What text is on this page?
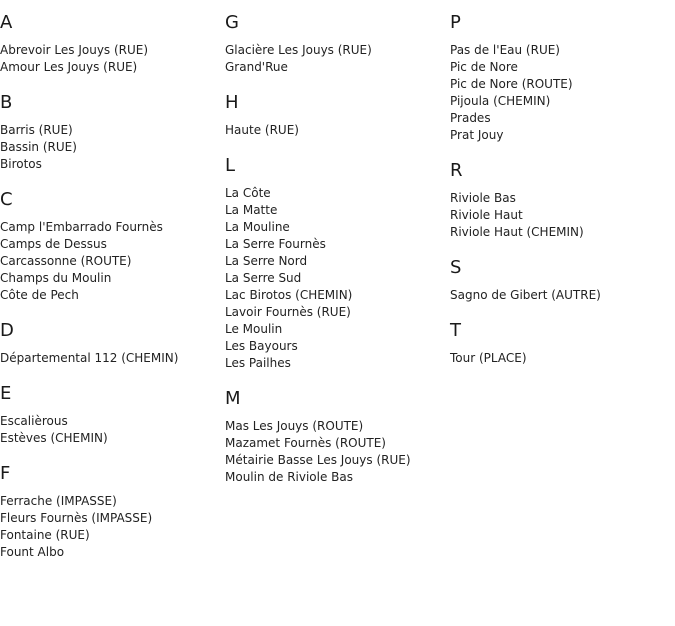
A
Abrevoir Les Jouys (RUE)
Amour Les Jouys (RUE)
B
Barris (RUE)
Bassin (RUE)
Birotos
C
Camp l'Embarrado Fournès
Camps de Dessus
Carcassonne (ROUTE)
Champs du Moulin
Côte de Pech
D
Départemental 112 (CHEMIN)
E
Escalièrous
Estèves (CHEMIN)
F
Ferrache (IMPASSE)
Fleurs Fournès (IMPASSE)
Fontaine (RUE)
Fount Albo
G
Glacière Les Jouys (RUE)
Grand'Rue
H
Haute (RUE)
L
La Côte
La Matte
La Mouline
La Serre Fournès
La Serre Nord
La Serre Sud
Lac Birotos (CHEMIN)
Lavoir Fournès (RUE)
Le Moulin
Les Bayours
Les Pailhes
M
Mas Les Jouys (ROUTE)
Mazamet Fournès (ROUTE)
Métairie Basse Les Jouys (RUE)
Moulin de Riviole Bas
P
Pas de l'Eau (RUE)
Pic de Nore
Pic de Nore (ROUTE)
Pijoula (CHEMIN)
Prades
Prat Jouy
R
Riviole Bas
Riviole Haut
Riviole Haut (CHEMIN)
S
Sagno de Gibert (AUTRE)
T
Tour (PLACE)
